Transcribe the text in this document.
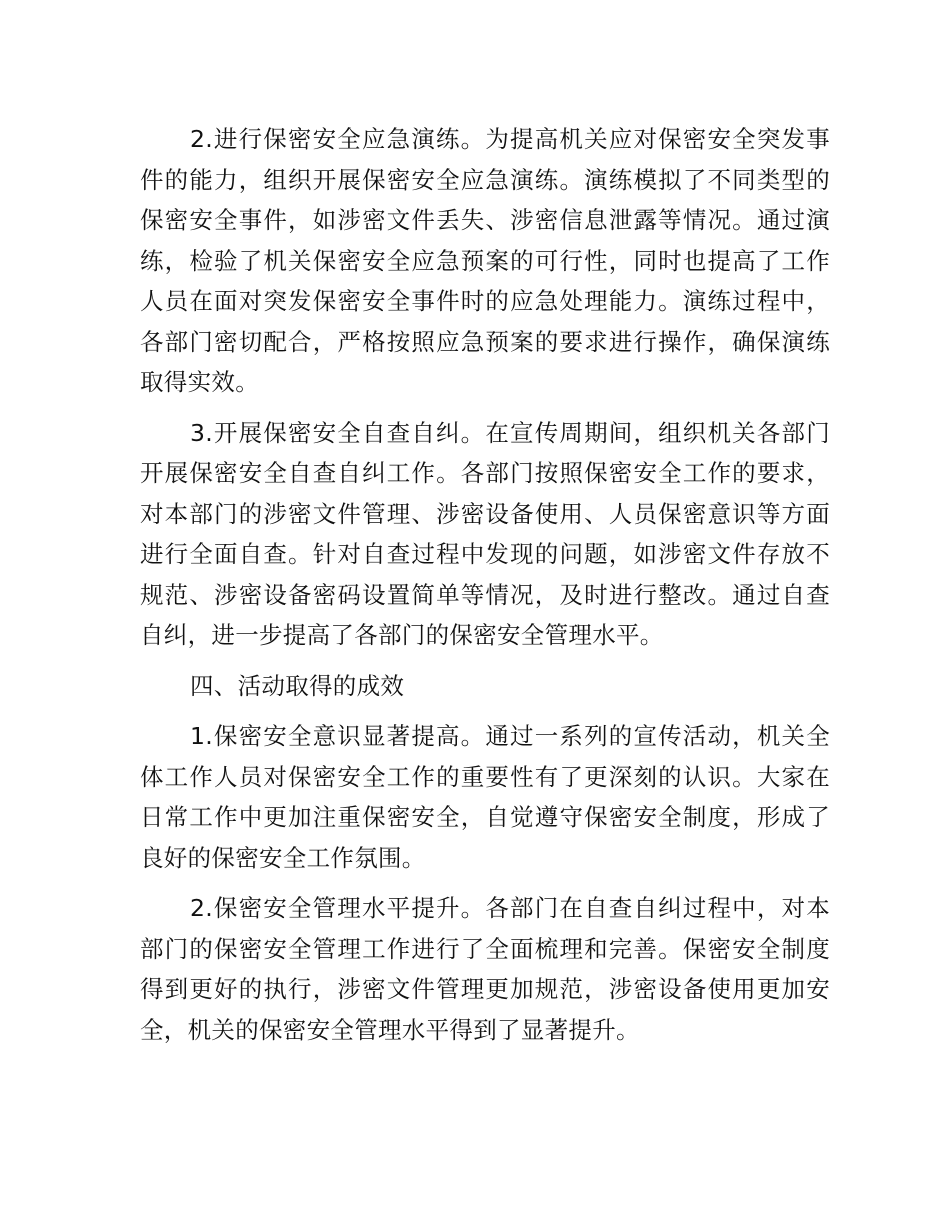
2.进行保密安全应急演练。为提高机关应对保密安全突发事件的能力，组织开展保密安全应急演练。演练模拟了不同类型的保密安全事件，如涉密文件丢失、涉密信息泄露等情况。通过演练，检验了机关保密安全应急预案的可行性，同时也提高了工作人员在面对突发保密安全事件时的应急处理能力。演练过程中，各部门密切配合，严格按照应急预案的要求进行操作，确保演练取得实效。

3.开展保密安全自查自纠。在宣传周期间，组织机关各部门开展保密安全自查自纠工作。各部门按照保密安全工作的要求，对本部门的涉密文件管理、涉密设备使用、人员保密意识等方面进行全面自查。针对自查过程中发现的问题，如涉密文件存放不规范、涉密设备密码设置简单等情况，及时进行整改。通过自查自纠，进一步提高了各部门的保密安全管理水平。

四、活动取得的成效

1.保密安全意识显著提高。通过一系列的宣传活动，机关全体工作人员对保密安全工作的重要性有了更深刻的认识。大家在日常工作中更加注重保密安全，自觉遵守保密安全制度，形成了良好的保密安全工作氛围。

2.保密安全管理水平提升。各部门在自查自纠过程中，对本部门的保密安全管理工作进行了全面梳理和完善。保密安全制度得到更好的执行，涉密文件管理更加规范，涉密设备使用更加安全，机关的保密安全管理水平得到了显著提升。
